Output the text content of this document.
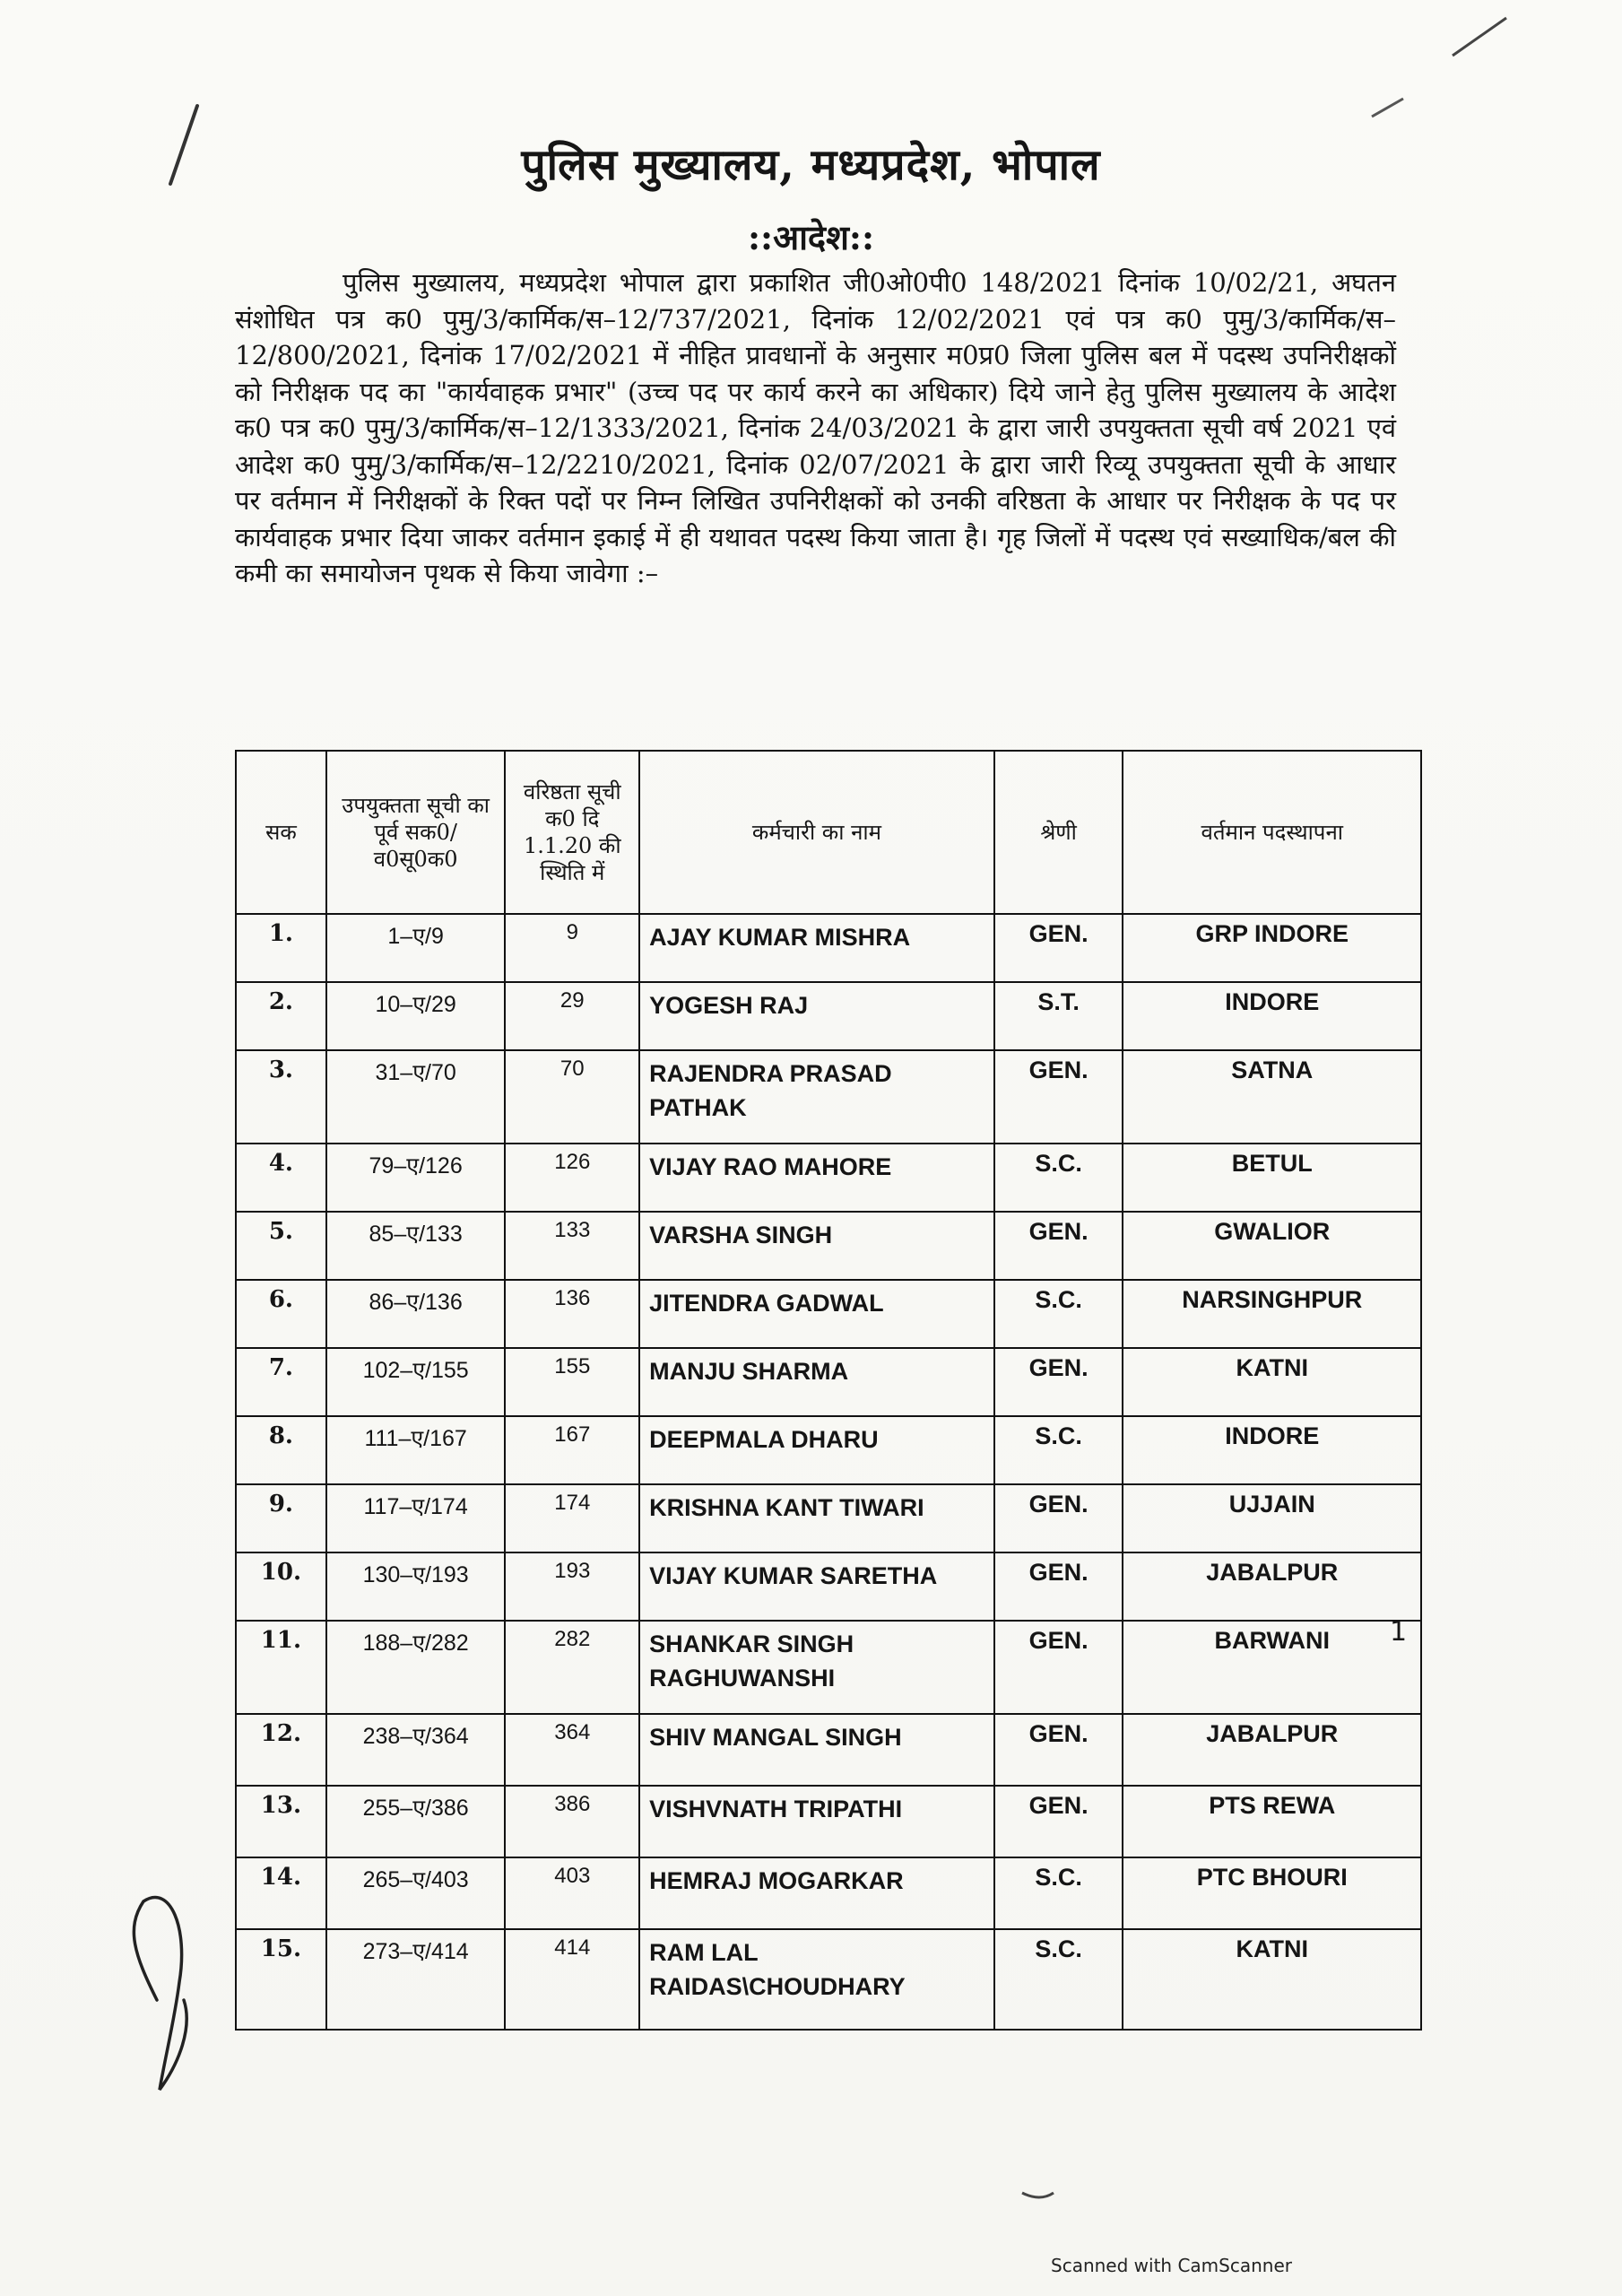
पुलिस मुख्यालय, मध्यप्रदेश, भोपाल
::आदेश::
पुलिस मुख्यालय, मध्यप्रदेश भोपाल द्वारा प्रकाशित जी0ओ0पी0 148/2021 दिनांक 10/02/21, अघतन संशोधित पत्र क0 पुमु/3/कार्मिक/स–12/737/2021, दिनांक 12/02/2021 एवं पत्र क0 पुमु/3/कार्मिक/स–12/800/2021, दिनांक 17/02/2021 में नीहित प्रावधानों के अनुसार म0प्र0 जिला पुलिस बल में पदस्थ उपनिरीक्षकों को निरीक्षक पद का "कार्यवाहक प्रभार" (उच्च पद पर कार्य करने का अधिकार) दिये जाने हेतु पुलिस मुख्यालय के आदेश क0 पत्र क0 पुमु/3/कार्मिक/स–12/1333/2021, दिनांक 24/03/2021 के द्वारा जारी उपयुक्तता सूची वर्ष 2021 एवं आदेश क0 पुमु/3/कार्मिक/स–12/2210/2021, दिनांक 02/07/2021 के द्वारा जारी रिव्यू उपयुक्तता सूची के आधार पर वर्तमान में निरीक्षकों के रिक्त पदों पर निम्न लिखित उपनिरीक्षकों को उनकी वरिष्ठता के आधार पर निरीक्षक के पद पर कार्यवाहक प्रभार दिया जाकर वर्तमान इकाई में ही यथावत पदस्थ किया जाता है। गृह जिलों में पदस्थ एवं सख्याधिक/बल की कमी का समायोजन पृथक से किया जावेगा :–
सक	उपयुक्तता सूची का पूर्व सक0/व0सू0क0	वरिष्ठता सूची क0 दि 1.1.20 की स्थिति में	कर्मचारी का नाम	श्रेणी	वर्तमान पदस्थापना
1.	1–ए/9	9	AJAY KUMAR MISHRA	GEN.	GRP INDORE
2.	10–ए/29	29	YOGESH RAJ	S.T.	INDORE
3.	31–ए/70	70	RAJENDRA PRASAD PATHAK	GEN.	SATNA
4.	79–ए/126	126	VIJAY RAO MAHORE	S.C.	BETUL
5.	85–ए/133	133	VARSHA SINGH	GEN.	GWALIOR
6.	86–ए/136	136	JITENDRA GADWAL	S.C.	NARSINGHPUR
7.	102–ए/155	155	MANJU SHARMA	GEN.	KATNI
8.	111–ए/167	167	DEEPMALA DHARU	S.C.	INDORE
9.	117–ए/174	174	KRISHNA KANT TIWARI	GEN.	UJJAIN
10.	130–ए/193	193	VIJAY KUMAR SARETHA	GEN.	JABALPUR
11.	188–ए/282	282	SHANKAR SINGH RAGHUWANSHI	GEN.	BARWANI
12.	238–ए/364	364	SHIV MANGAL SINGH	GEN.	JABALPUR
13.	255–ए/386	386	VISHVNATH TRIPATHI	GEN.	PTS REWA
14.	265–ए/403	403	HEMRAJ MOGARKAR	S.C.	PTC BHOURI
15.	273–ए/414	414	RAM LAL RAIDAS\CHOUDHARY	S.C.	KATNI
1
Scanned with CamScanner
